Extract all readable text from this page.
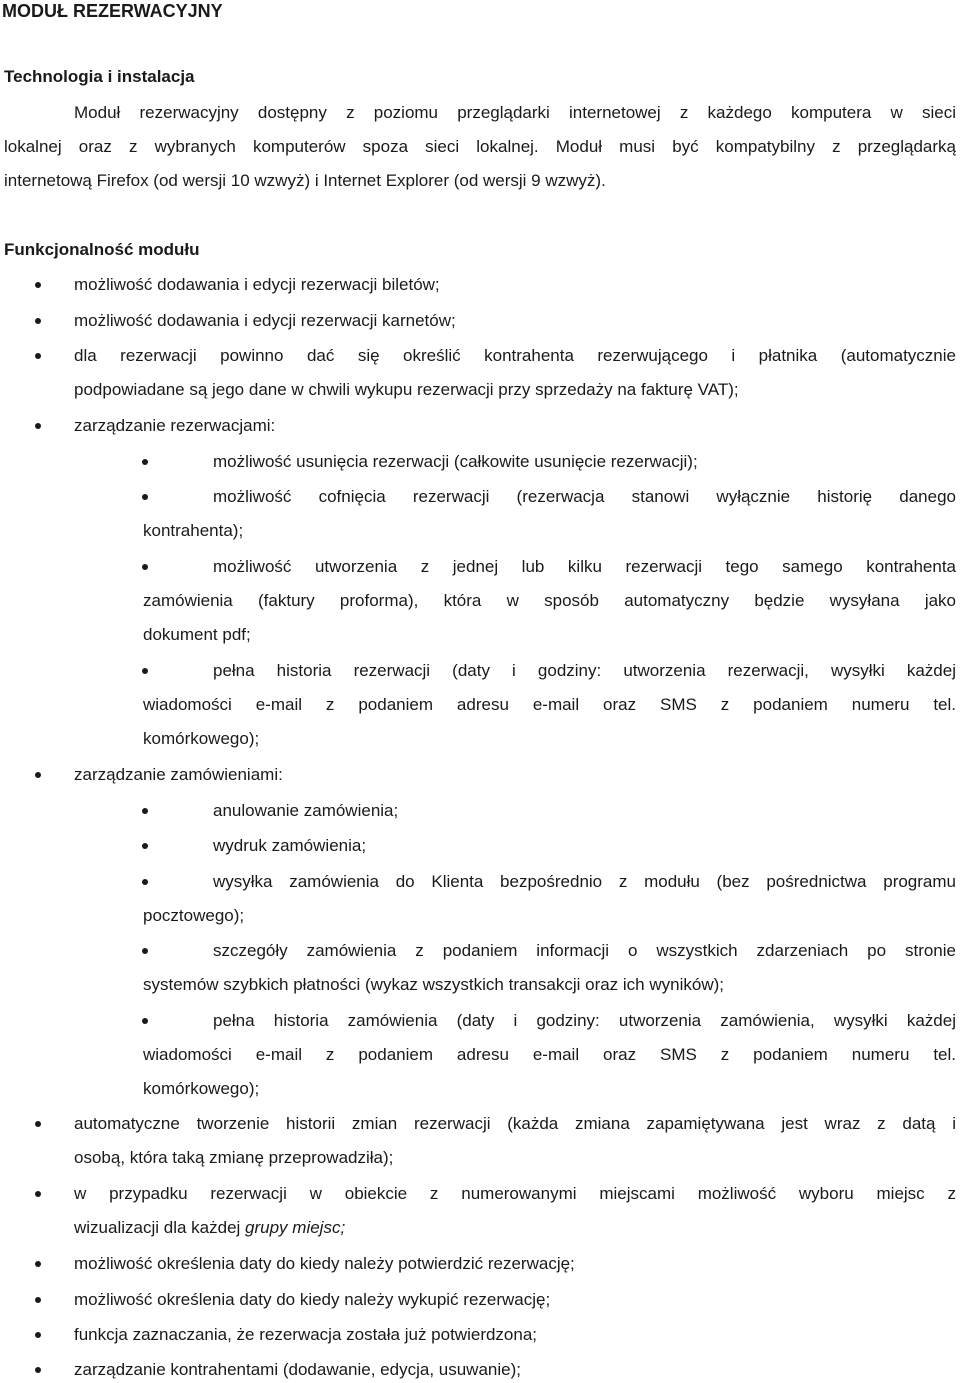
MODUŁ REZERWACYJNY
Technologia i instalacja
Moduł rezerwacyjny dostępny z poziomu przeglądarki internetowej z każdego komputera w sieci
lokalnej oraz z wybranych komputerów spoza sieci lokalnej. Moduł musi być kompatybilny z przeglądarką
internetową Firefox (od wersji 10 wzwyż) i Internet Explorer (od wersji 9 wzwyż).
Funkcjonalność modułu
możliwość dodawania i edycji rezerwacji biletów;
możliwość dodawania i edycji rezerwacji karnetów;
dla rezerwacji powinno dać się określić kontrahenta rezerwującego i płatnika (automatycznie
podpowiadane są jego dane w chwili wykupu rezerwacji przy sprzedaży na fakturę VAT);
zarządzanie rezerwacjami:
możliwość usunięcia rezerwacji (całkowite usunięcie rezerwacji);
możliwość cofnięcia rezerwacji (rezerwacja stanowi wyłącznie historię danego
kontrahenta);
możliwość utworzenia z jednej lub kilku rezerwacji tego samego kontrahenta
zamówienia (faktury proforma), która w sposób automatyczny będzie wysyłana jako
dokument pdf;
pełna historia rezerwacji (daty i godziny: utworzenia rezerwacji, wysyłki każdej
wiadomości e-mail z podaniem adresu e-mail oraz SMS z podaniem numeru tel.
komórkowego);
zarządzanie zamówieniami:
anulowanie zamówienia;
wydruk zamówienia;
wysyłka zamówienia do Klienta bezpośrednio z modułu (bez pośrednictwa programu
pocztowego);
szczegóły zamówienia z podaniem informacji o wszystkich zdarzeniach po stronie
systemów szybkich płatności (wykaz wszystkich transakcji oraz ich wyników);
pełna historia zamówienia (daty i godziny: utworzenia zamówienia, wysyłki każdej
wiadomości e-mail z podaniem adresu e-mail oraz SMS z podaniem numeru tel.
komórkowego);
automatyczne tworzenie historii zmian rezerwacji (każda zmiana zapamiętywana jest wraz z datą i
osobą, która taką zmianę przeprowadziła);
w przypadku rezerwacji w obiekcie z numerowanymi miejscami możliwość wyboru miejsc z
wizualizacji dla każdej grupy miejsc;
możliwość określenia daty do kiedy należy potwierdzić rezerwację;
możliwość określenia daty do kiedy należy wykupić rezerwację;
funkcja zaznaczania, że rezerwacja została już potwierdzona;
zarządzanie kontrahentami (dodawanie, edycja, usuwanie);
